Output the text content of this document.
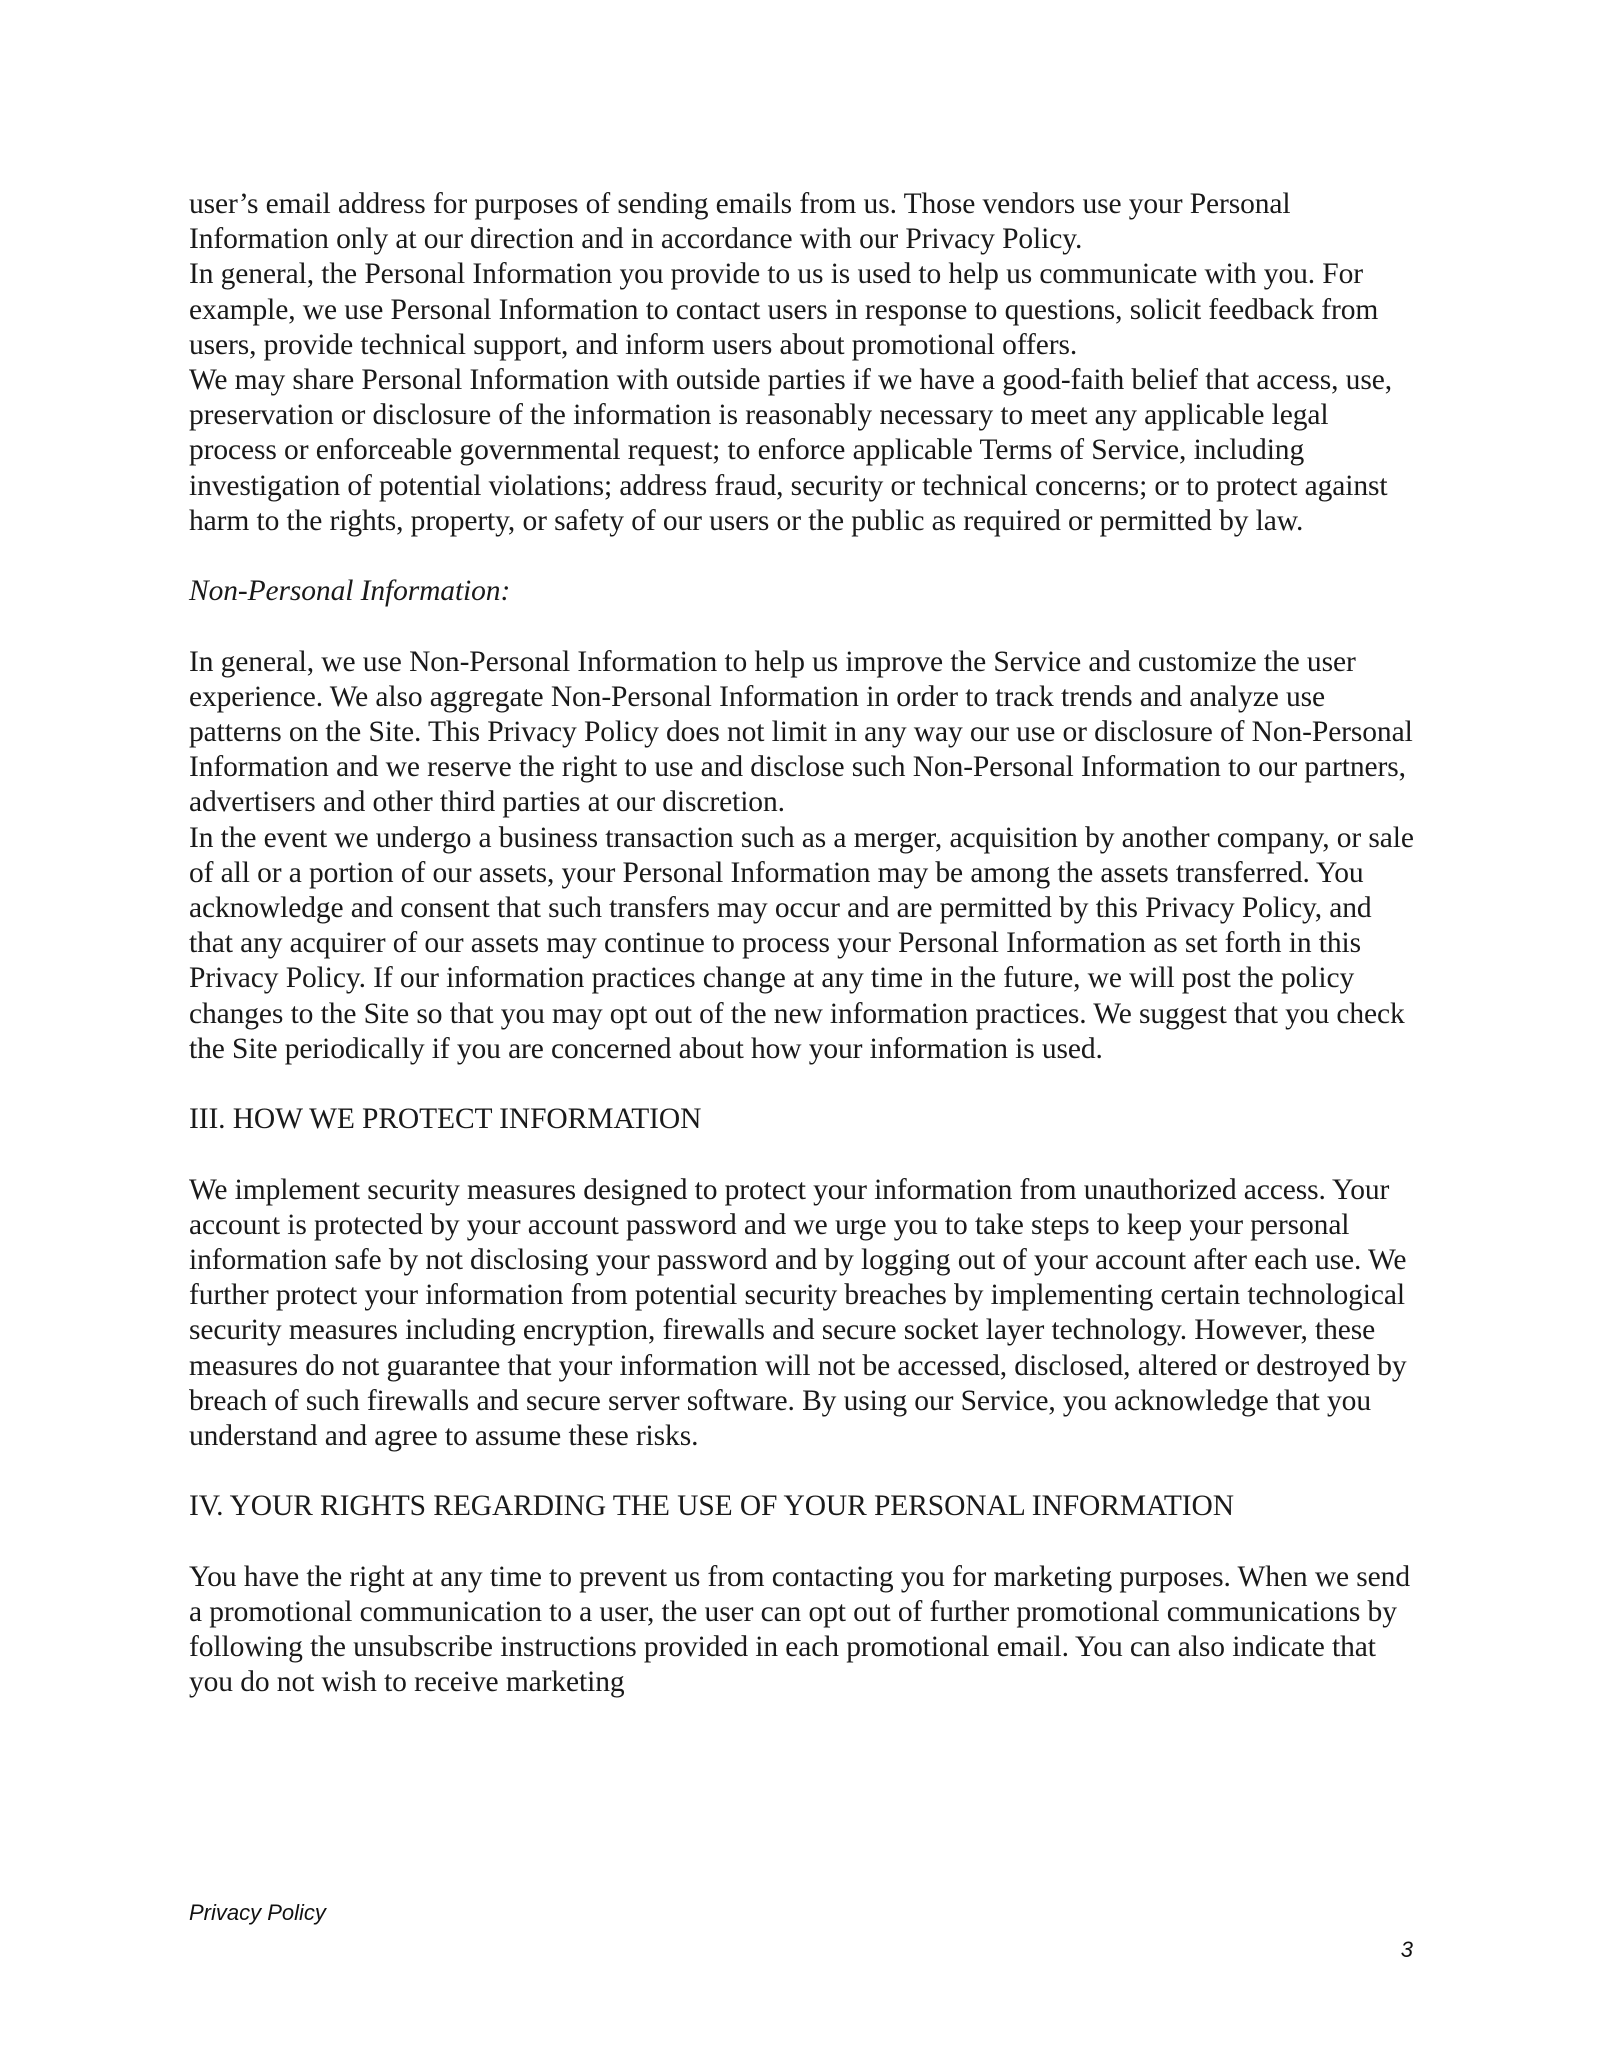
user’s email address for purposes of sending emails from us. Those vendors use your Personal Information only at our direction and in accordance with our Privacy Policy.

In general, the Personal Information you provide to us is used to help us communicate with you. For example, we use Personal Information to contact users in response to questions, solicit feedback from users, provide technical support, and inform users about promotional offers.

We may share Personal Information with outside parties if we have a good-faith belief that access, use, preservation or disclosure of the information is reasonably necessary to meet any applicable legal process or enforceable governmental request; to enforce applicable Terms of Service, including investigation of potential violations; address fraud, security or technical concerns; or to protect against harm to the rights, property, or safety of our users or the public as required or permitted by law.

Non-Personal Information:

In general, we use Non-Personal Information to help us improve the Service and customize the user experience. We also aggregate Non-Personal Information in order to track trends and analyze use patterns on the Site. This Privacy Policy does not limit in any way our use or disclosure of Non-Personal Information and we reserve the right to use and disclose such Non-Personal Information to our partners, advertisers and other third parties at our discretion.

In the event we undergo a business transaction such as a merger, acquisition by another company, or sale of all or a portion of our assets, your Personal Information may be among the assets transferred. You acknowledge and consent that such transfers may occur and are permitted by this Privacy Policy, and that any acquirer of our assets may continue to process your Personal Information as set forth in this Privacy Policy. If our information practices change at any time in the future, we will post the policy changes to the Site so that you may opt out of the new information practices. We suggest that you check the Site periodically if you are concerned about how your information is used.

III. HOW WE PROTECT INFORMATION

We implement security measures designed to protect your information from unauthorized access. Your account is protected by your account password and we urge you to take steps to keep your personal information safe by not disclosing your password and by logging out of your account after each use. We further protect your information from potential security breaches by implementing certain technological security measures including encryption, firewalls and secure socket layer technology. However, these measures do not guarantee that your information will not be accessed, disclosed, altered or destroyed by breach of such firewalls and secure server software. By using our Service, you acknowledge that you understand and agree to assume these risks.

IV. YOUR RIGHTS REGARDING THE USE OF YOUR PERSONAL INFORMATION

You have the right at any time to prevent us from contacting you for marketing purposes. When we send a promotional communication to a user, the user can opt out of further promotional communications by following the unsubscribe instructions provided in each promotional email. You can also indicate that you do not wish to receive marketing

Privacy Policy
3
